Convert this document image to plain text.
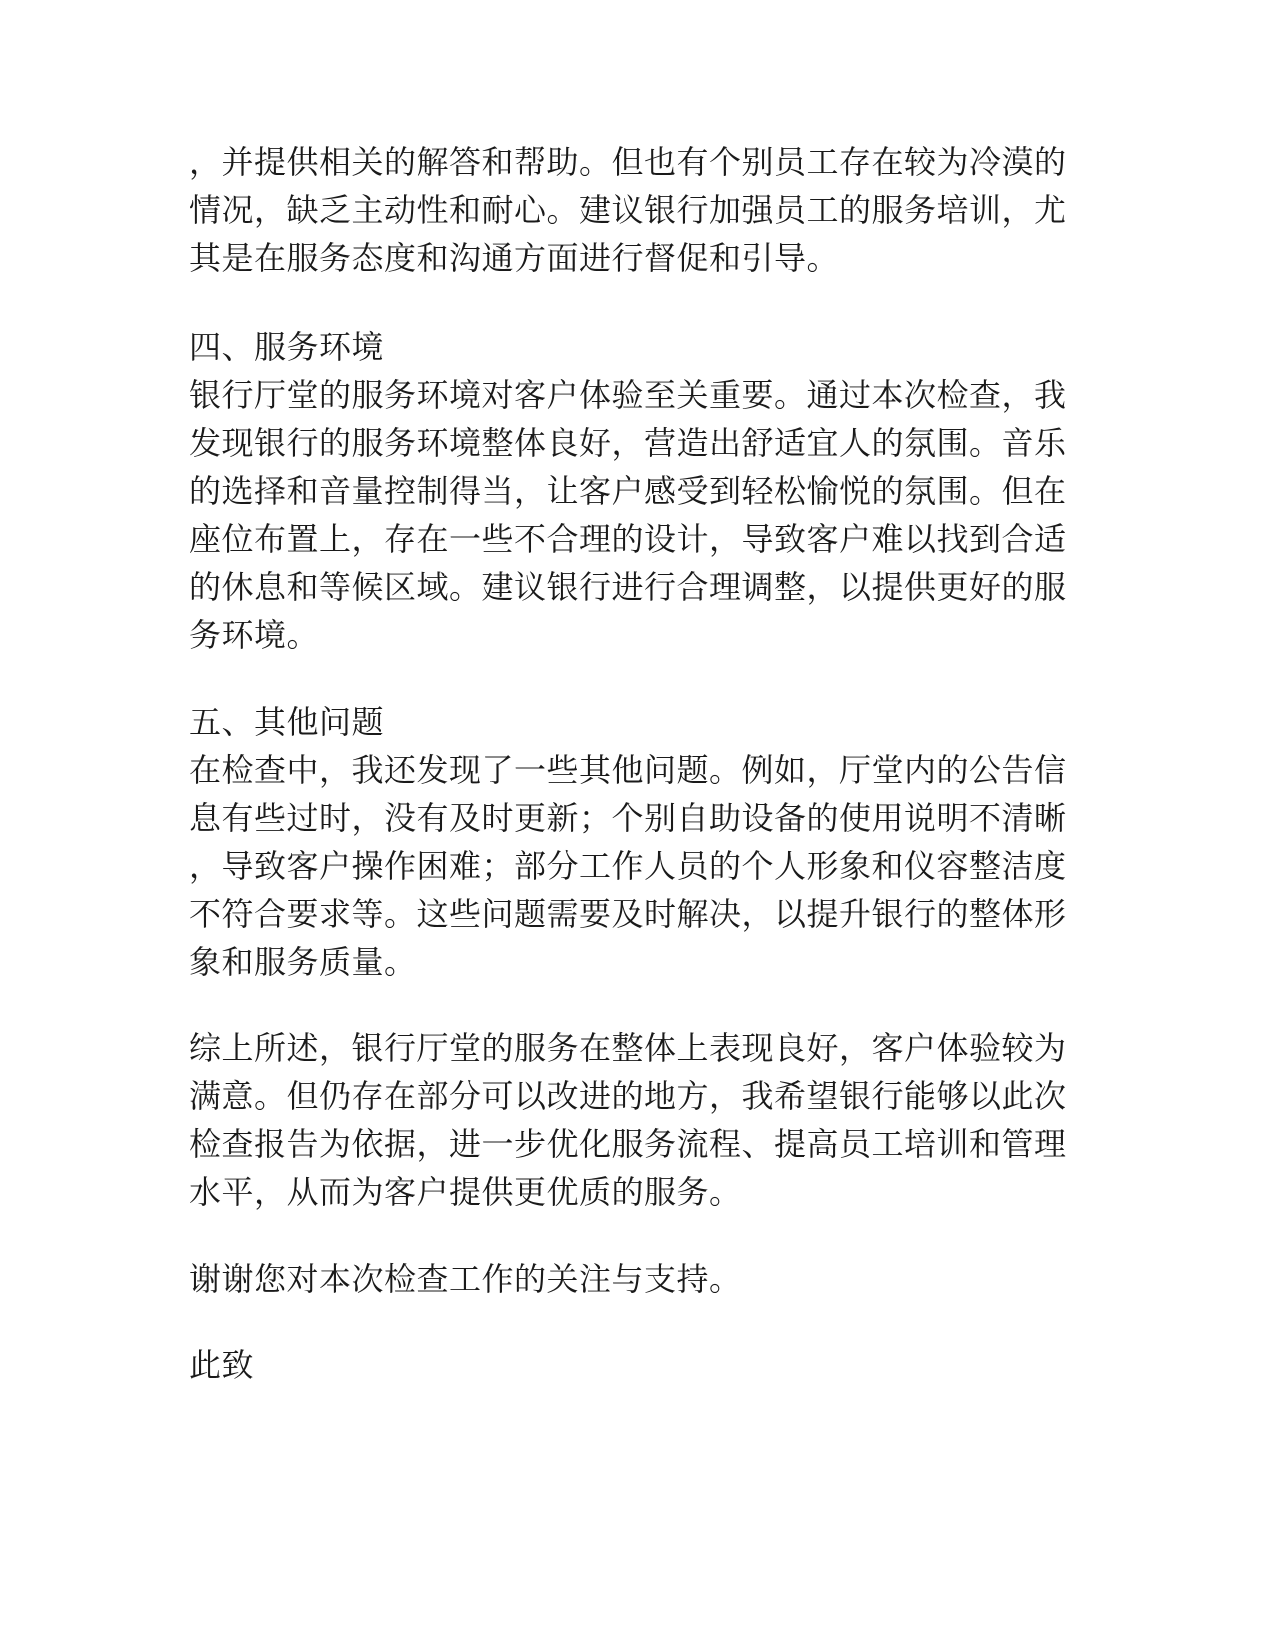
，并提供相关的解答和帮助。但也有个别员工存在较为冷漠的
情况，缺乏主动性和耐心。建议银行加强员工的服务培训，尤
其是在服务态度和沟通方面进行督促和引导。
四、服务环境
银行厅堂的服务环境对客户体验至关重要。通过本次检查，我
发现银行的服务环境整体良好，营造出舒适宜人的氛围。音乐
的选择和音量控制得当，让客户感受到轻松愉悦的氛围。但在
座位布置上，存在一些不合理的设计，导致客户难以找到合适
的休息和等候区域。建议银行进行合理调整，以提供更好的服
务环境。
五、其他问题
在检查中，我还发现了一些其他问题。例如，厅堂内的公告信
息有些过时，没有及时更新；个别自助设备的使用说明不清晰
，导致客户操作困难；部分工作人员的个人形象和仪容整洁度
不符合要求等。这些问题需要及时解决，以提升银行的整体形
象和服务质量。
综上所述，银行厅堂的服务在整体上表现良好，客户体验较为
满意。但仍存在部分可以改进的地方，我希望银行能够以此次
检查报告为依据，进一步优化服务流程、提高员工培训和管理
水平，从而为客户提供更优质的服务。
谢谢您对本次检查工作的关注与支持。
此致
